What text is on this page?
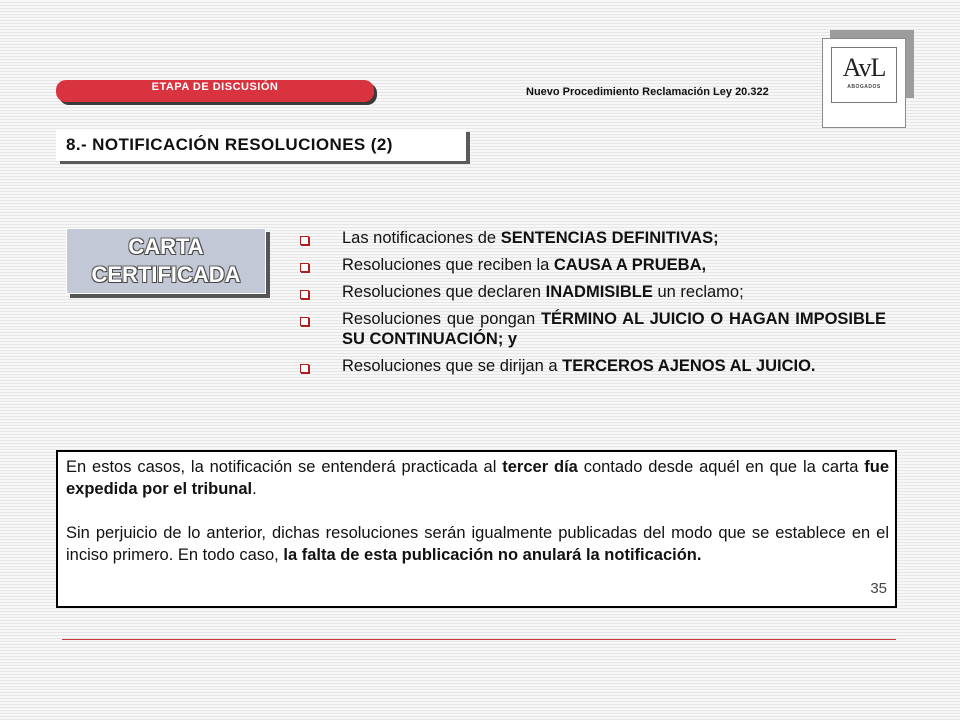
ETAPA DE DISCUSIÓN	Nuevo Procedimiento Reclamación Ley 20.322
AvL
ABOGADOS
8.- NOTIFICACIÓN RESOLUCIONES (2)
CARTA
CERTIFICADA
Las notificaciones de SENTENCIAS DEFINITIVAS;
Resoluciones que reciben la CAUSA A PRUEBA,
Resoluciones que declaren INADMISIBLE un reclamo;
Resoluciones que pongan TÉRMINO AL JUICIO O HAGAN IMPOSIBLE SU CONTINUACIÓN; y
Resoluciones que se dirijan a TERCEROS AJENOS AL JUICIO.

En estos casos, la notificación se entenderá practicada al tercer día contado desde aquél en que la carta fue expedida por el tribunal.

Sin perjuicio de lo anterior, dichas resoluciones serán igualmente publicadas del modo que se establece en el inciso primero. En todo caso, la falta de esta publicación no anulará la notificación.

35
